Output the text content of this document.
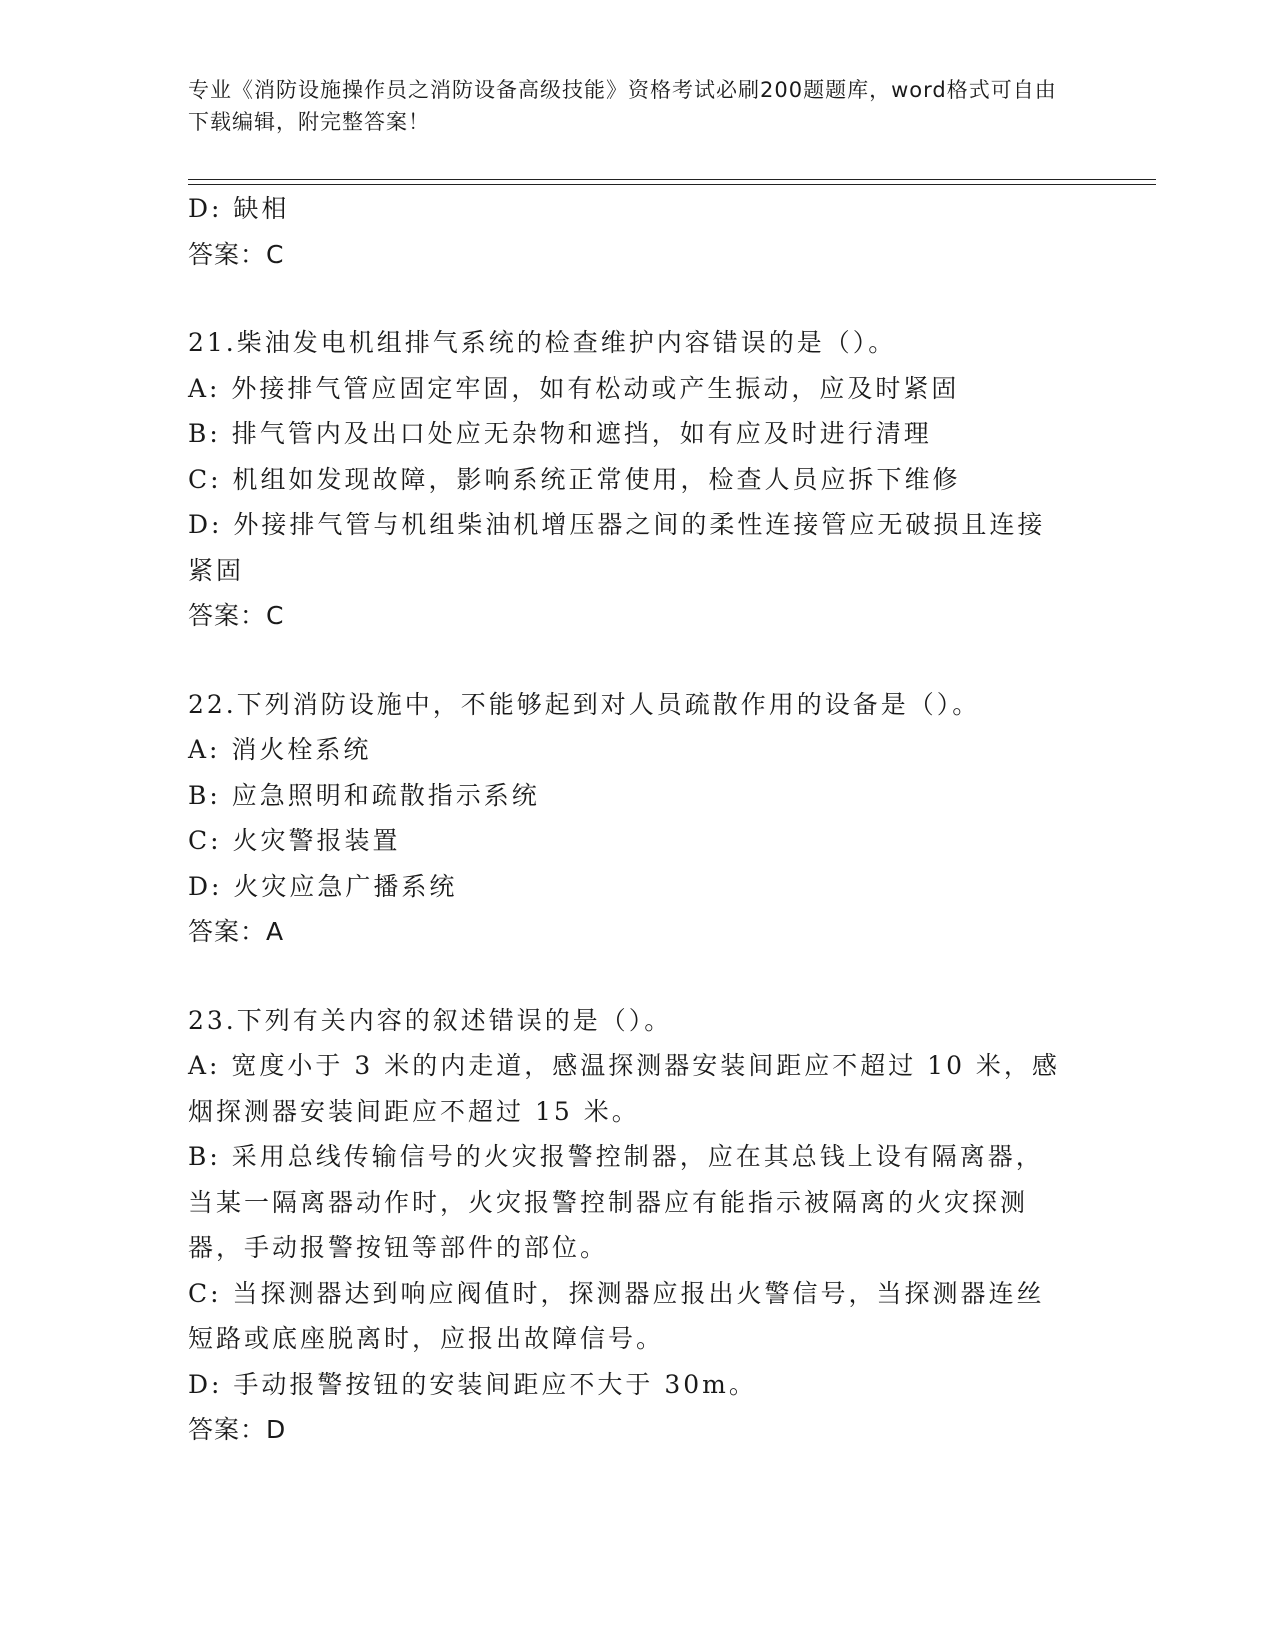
专业《消防设施操作员之消防设备高级技能》资格考试必刷200题题库，word格式可自由下载编辑，附完整答案！
D: 缺相
答案：C
21.柴油发电机组排气系统的检查维护内容错误的是（）。
A: 外接排气管应固定牢固，如有松动或产生振动，应及时紧固
B: 排气管内及出口处应无杂物和遮挡，如有应及时进行清理
C: 机组如发现故障，影响系统正常使用，检查人员应拆下维修
D: 外接排气管与机组柴油机增压器之间的柔性连接管应无破损且连接
紧固
答案：C
22.下列消防设施中，不能够起到对人员疏散作用的设备是（）。
A: 消火栓系统
B: 应急照明和疏散指示系统
C: 火灾警报装置
D: 火灾应急广播系统
答案：A
23.下列有关内容的叙述错误的是（）。
A: 宽度小于 3 米的内走道，感温探测器安装间距应不超过 10 米，感
烟探测器安装间距应不超过 15 米。
B: 采用总线传输信号的火灾报警控制器，应在其总钱上设有隔离器，
当某一隔离器动作时，火灾报警控制器应有能指示被隔离的火灾探测
器，手动报警按钮等部件的部位。
C: 当探测器达到响应阀值时，探测器应报出火警信号，当探测器连丝
短路或底座脱离时，应报出故障信号。
D: 手动报警按钮的安装间距应不大于 30m。
答案：D
